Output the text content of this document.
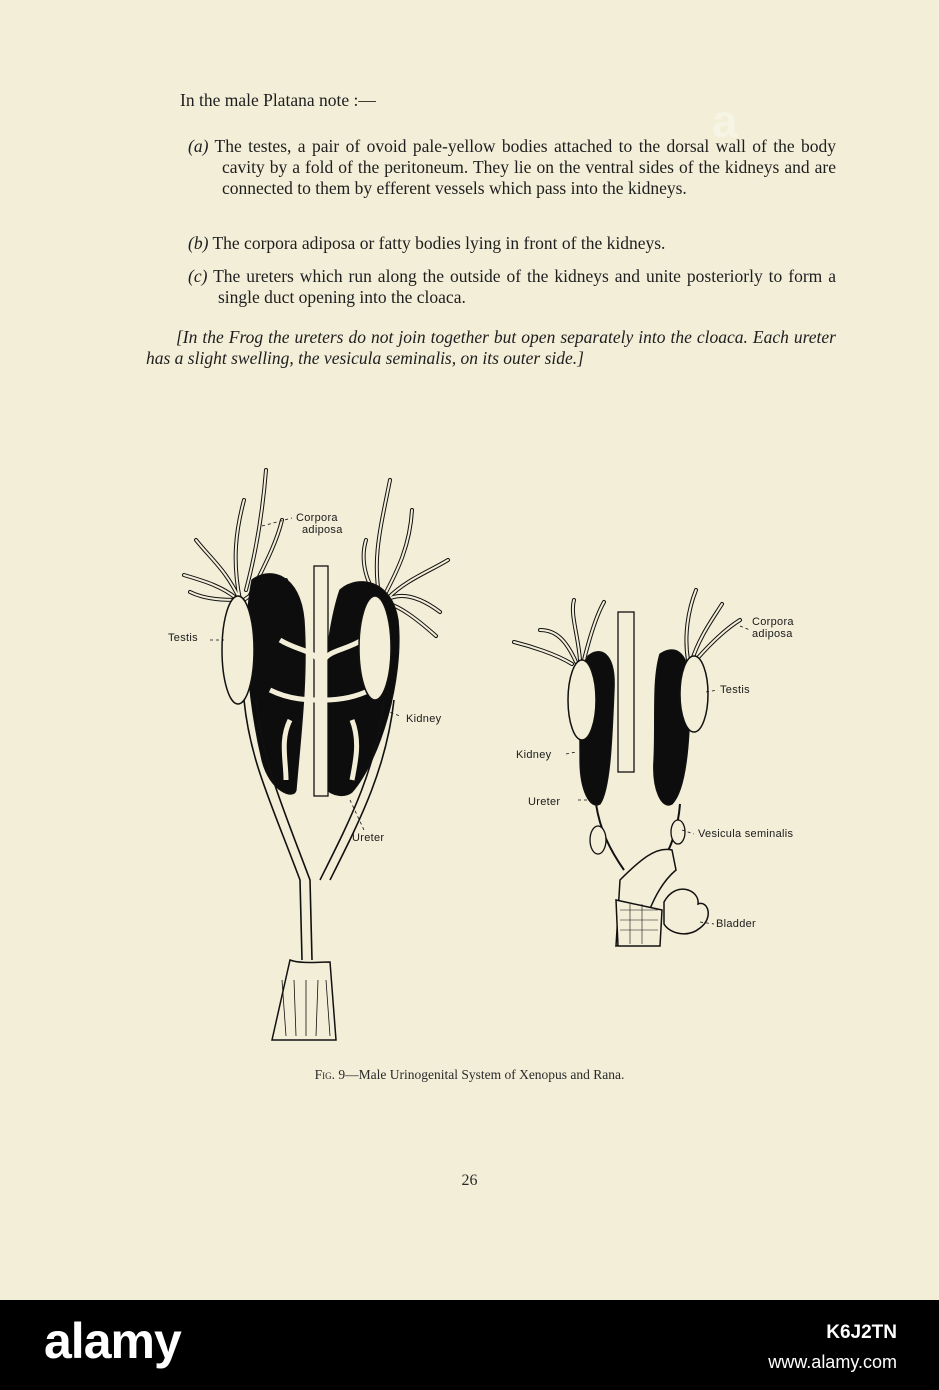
In the male Platana note :—
(a) The testes, a pair of ovoid pale-yellow bodies attached to the dorsal wall of the body cavity by a fold of the peritoneum. They lie on the ventral sides of the kidneys and are connected to them by efferent vessels which pass into the kidneys.
(b) The corpora adiposa or fatty bodies lying in front of the kidneys.
(c) The ureters which run along the outside of the kidneys and unite posteriorly to form a single duct opening into the cloaca.
[In the Frog the ureters do not join together but open separately into the cloaca. Each ureter has a slight swelling, the vesicula seminalis, on its outer side.]
Corpora
adiposa
Testis
Kidney
Ureter
Corpora
adiposa
Testis
Kidney
Ureter
Vesicula seminalis
Bladder
Fig. 9—Male Urinogenital System of Xenopus and Rana.
26
a
alamy	K6J2TN
www.alamy.com
